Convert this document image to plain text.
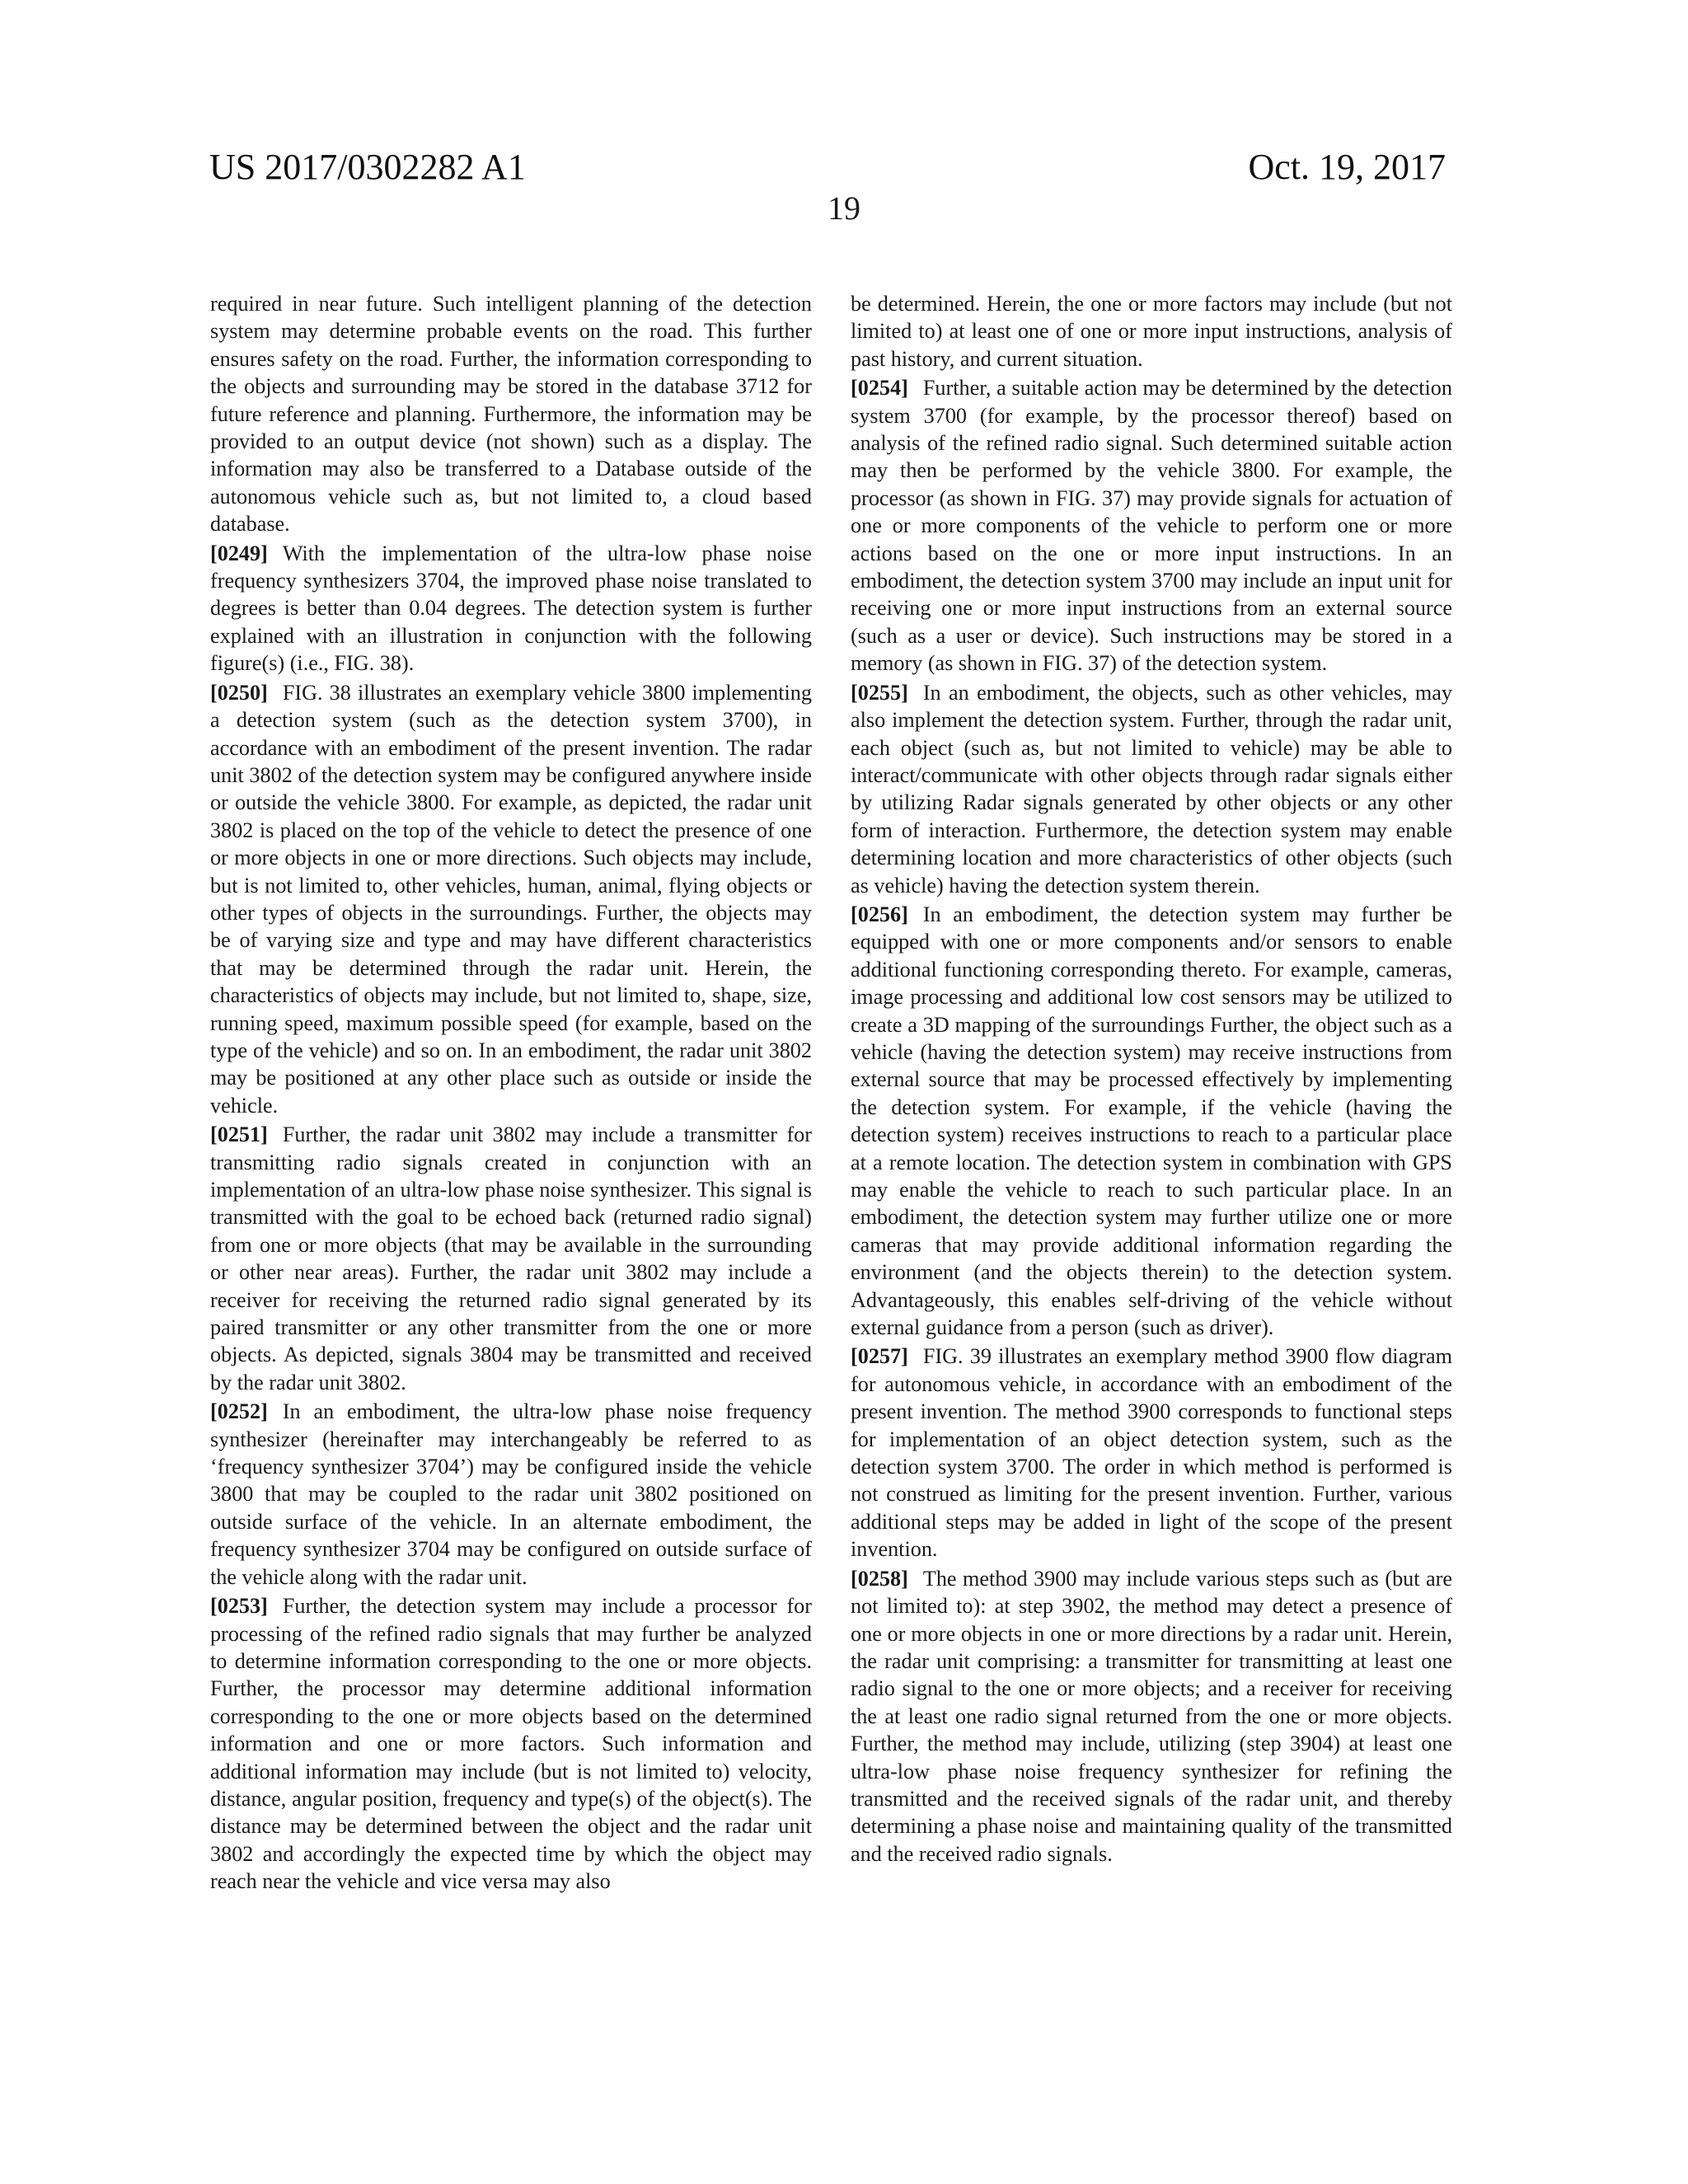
US 2017/0302282 A1	Oct. 19, 2017
19

required in near future. Such intelligent planning of the detection system may determine probable events on the road. This further ensures safety on the road. Further, the information corresponding to the objects and surrounding may be stored in the database 3712 for future reference and planning. Furthermore, the information may be provided to an output device (not shown) such as a display. The information may also be transferred to a Database outside of the autonomous vehicle such as, but not limited to, a cloud based database.

[0249] With the implementation of the ultra-low phase noise frequency synthesizers 3704, the improved phase noise translated to degrees is better than 0.04 degrees. The detection system is further explained with an illustration in conjunction with the following figure(s) (i.e., FIG. 38).

[0250] FIG. 38 illustrates an exemplary vehicle 3800 implementing a detection system (such as the detection system 3700), in accordance with an embodiment of the present invention. The radar unit 3802 of the detection system may be configured anywhere inside or outside the vehicle 3800. For example, as depicted, the radar unit 3802 is placed on the top of the vehicle to detect the presence of one or more objects in one or more directions. Such objects may include, but is not limited to, other vehicles, human, animal, flying objects or other types of objects in the surroundings. Further, the objects may be of varying size and type and may have different characteristics that may be determined through the radar unit. Herein, the characteristics of objects may include, but not limited to, shape, size, running speed, maximum possible speed (for example, based on the type of the vehicle) and so on. In an embodiment, the radar unit 3802 may be positioned at any other place such as outside or inside the vehicle.

[0251] Further, the radar unit 3802 may include a transmitter for transmitting radio signals created in conjunction with an implementation of an ultra-low phase noise synthesizer. This signal is transmitted with the goal to be echoed back (returned radio signal) from one or more objects (that may be available in the surrounding or other near areas). Further, the radar unit 3802 may include a receiver for receiving the returned radio signal generated by its paired transmitter or any other transmitter from the one or more objects. As depicted, signals 3804 may be transmitted and received by the radar unit 3802.

[0252] In an embodiment, the ultra-low phase noise frequency synthesizer (hereinafter may interchangeably be referred to as ‘frequency synthesizer 3704’) may be configured inside the vehicle 3800 that may be coupled to the radar unit 3802 positioned on outside surface of the vehicle. In an alternate embodiment, the frequency synthesizer 3704 may be configured on outside surface of the vehicle along with the radar unit.

[0253] Further, the detection system may include a processor for processing of the refined radio signals that may further be analyzed to determine information corresponding to the one or more objects. Further, the processor may determine additional information corresponding to the one or more objects based on the determined information and one or more factors. Such information and additional information may include (but is not limited to) velocity, distance, angular position, frequency and type(s) of the object(s). The distance may be determined between the object and the radar unit 3802 and accordingly the expected time by which the object may reach near the vehicle and vice versa may also

be determined. Herein, the one or more factors may include (but not limited to) at least one of one or more input instructions, analysis of past history, and current situation.

[0254] Further, a suitable action may be determined by the detection system 3700 (for example, by the processor thereof) based on analysis of the refined radio signal. Such determined suitable action may then be performed by the vehicle 3800. For example, the processor (as shown in FIG. 37) may provide signals for actuation of one or more components of the vehicle to perform one or more actions based on the one or more input instructions. In an embodiment, the detection system 3700 may include an input unit for receiving one or more input instructions from an external source (such as a user or device). Such instructions may be stored in a memory (as shown in FIG. 37) of the detection system.

[0255] In an embodiment, the objects, such as other vehicles, may also implement the detection system. Further, through the radar unit, each object (such as, but not limited to vehicle) may be able to interact/communicate with other objects through radar signals either by utilizing Radar signals generated by other objects or any other form of interaction. Furthermore, the detection system may enable determining location and more characteristics of other objects (such as vehicle) having the detection system therein.

[0256] In an embodiment, the detection system may further be equipped with one or more components and/or sensors to enable additional functioning corresponding thereto. For example, cameras, image processing and additional low cost sensors may be utilized to create a 3D mapping of the surroundings Further, the object such as a vehicle (having the detection system) may receive instructions from external source that may be processed effectively by implementing the detection system. For example, if the vehicle (having the detection system) receives instructions to reach to a particular place at a remote location. The detection system in combination with GPS may enable the vehicle to reach to such particular place. In an embodiment, the detection system may further utilize one or more cameras that may provide additional information regarding the environment (and the objects therein) to the detection system. Advantageously, this enables self-driving of the vehicle without external guidance from a person (such as driver).

[0257] FIG. 39 illustrates an exemplary method 3900 flow diagram for autonomous vehicle, in accordance with an embodiment of the present invention. The method 3900 corresponds to functional steps for implementation of an object detection system, such as the detection system 3700. The order in which method is performed is not construed as limiting for the present invention. Further, various additional steps may be added in light of the scope of the present invention.

[0258] The method 3900 may include various steps such as (but are not limited to): at step 3902, the method may detect a presence of one or more objects in one or more directions by a radar unit. Herein, the radar unit comprising: a transmitter for transmitting at least one radio signal to the one or more objects; and a receiver for receiving the at least one radio signal returned from the one or more objects. Further, the method may include, utilizing (step 3904) at least one ultra-low phase noise frequency synthesizer for refining the transmitted and the received signals of the radar unit, and thereby determining a phase noise and maintaining quality of the transmitted and the received radio signals.
